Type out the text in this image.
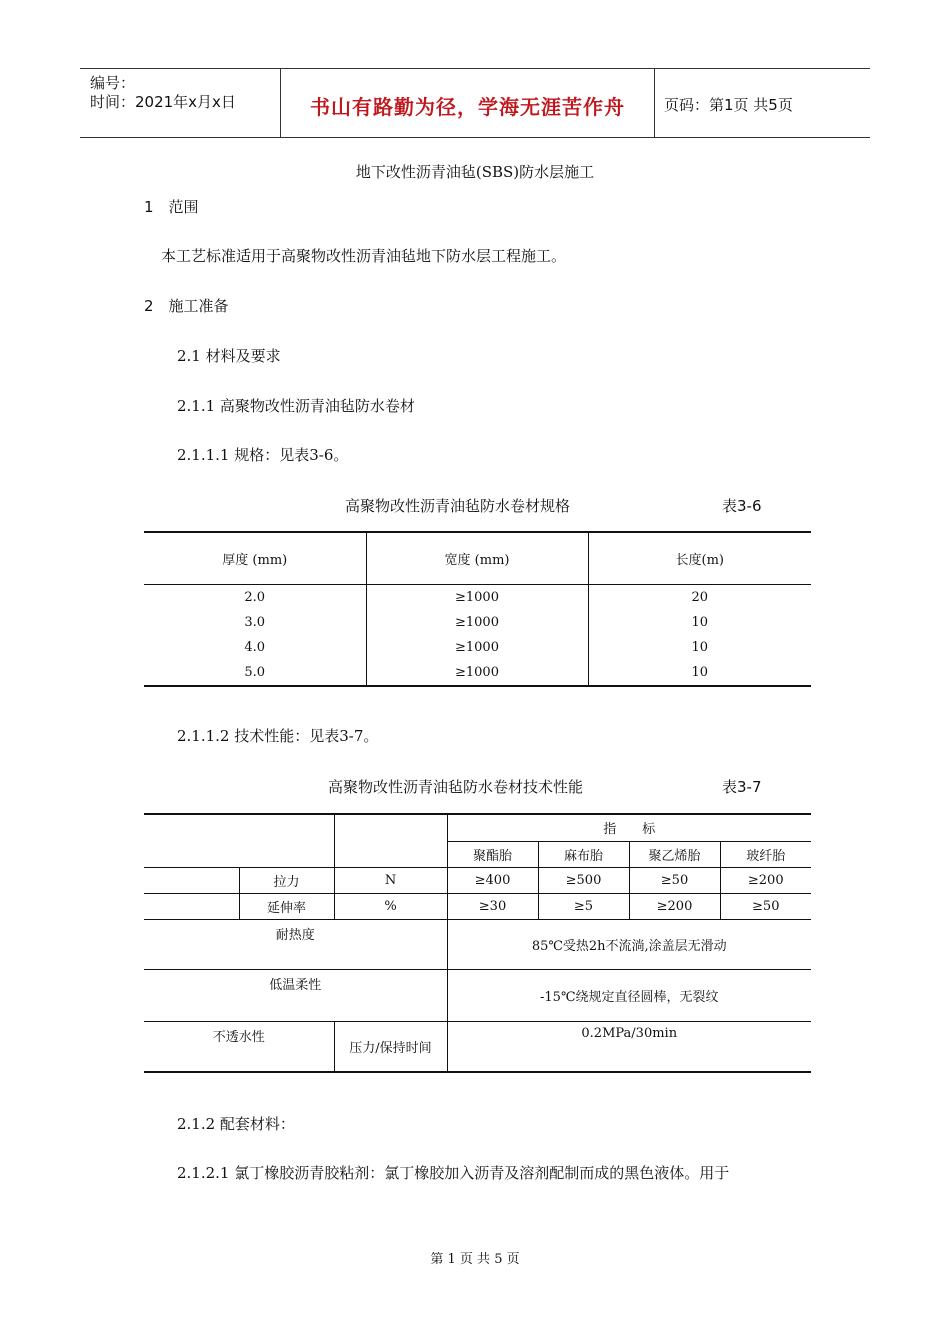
编号：
时间：2021年x月x日	书山有路勤为径，学海无涯苦作舟	页码：第1页 共5页
地下改性沥青油毡(SBS)防水层施工
1　范围
本工艺标准适用于高聚物改性沥青油毡地下防水层工程施工。
2　施工准备
2.1 材料及要求
2.1.1 高聚物改性沥青油毡防水卷材
2.1.1.1 规格：见表3-6。
高聚物改性沥青油毡防水卷材规格	表3-6
厚度 (mm)	宽度 (mm)	长度(m)
2.0	≥1000	20
3.0	≥1000	10
4.0	≥1000	10
5.0	≥1000	10
2.1.1.2 技术性能：见表3-7。
高聚物改性沥青油毡防水卷材技术性能	表3-7
			指　　标			
			聚酯胎	麻布胎	聚乙烯胎	玻纤胎
	拉力	N	≥400	≥500	≥50	≥200
	延伸率	%	≥30	≥5	≥200	≥50
耐热度			85℃受热2h不流淌,涂盖层无滑动			
低温柔性			-15℃绕规定直径圆棒，无裂纹			
不透水性		压力/保持时间	0.2MPa/30min			
2.1.2 配套材料：
2.1.2.1 氯丁橡胶沥青胶粘剂：氯丁橡胶加入沥青及溶剂配制而成的黑色液体。用于
第 1 页 共 5 页
